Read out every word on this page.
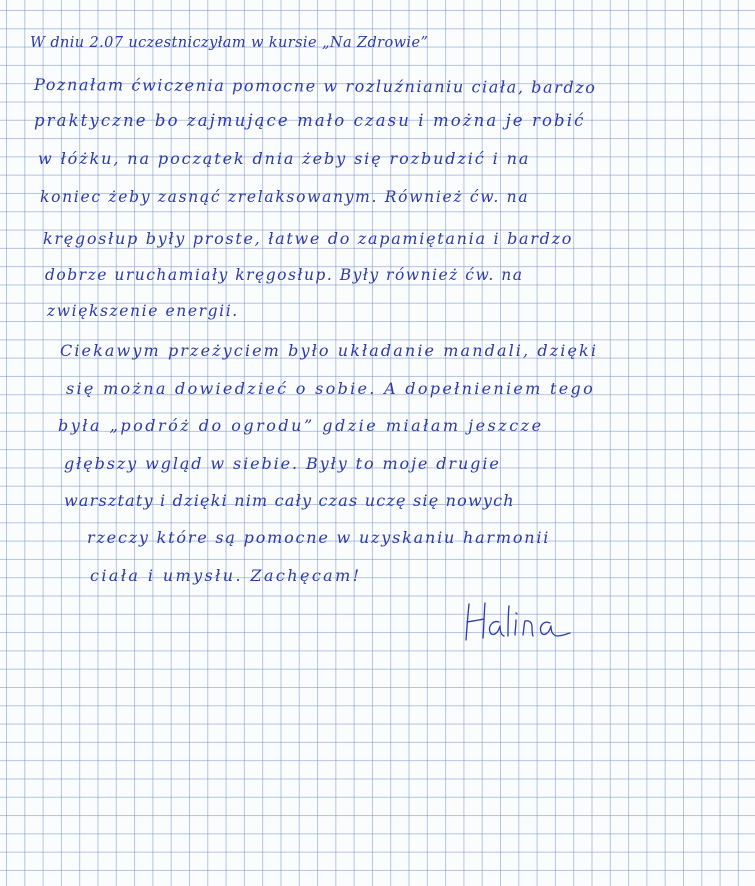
W dniu 2.07 uczestniczyłam w kursie „Na Zdrowie”
Poznałam ćwiczenia pomocne w rozluźnianiu ciała, bardzo
praktyczne bo zajmujące mało czasu i można je robić
w łóżku, na początek dnia żeby się rozbudzić i na
koniec żeby zasnąć zrelaksowanym. Również ćw. na
kręgosłup były proste, łatwe do zapamiętania i bardzo
dobrze uruchamiały kręgosłup. Były również ćw. na
zwiększenie energii.
Ciekawym przeżyciem było układanie mandali, dzięki
się można dowiedzieć o sobie. A dopełnieniem tego
była „podróż do ogrodu” gdzie miałam jeszcze
głębszy wgląd w siebie. Były to moje drugie
warsztaty i dzięki nim cały czas uczę się nowych
rzeczy które są pomocne w uzyskaniu harmonii
ciała i umysłu. Zachęcam!
